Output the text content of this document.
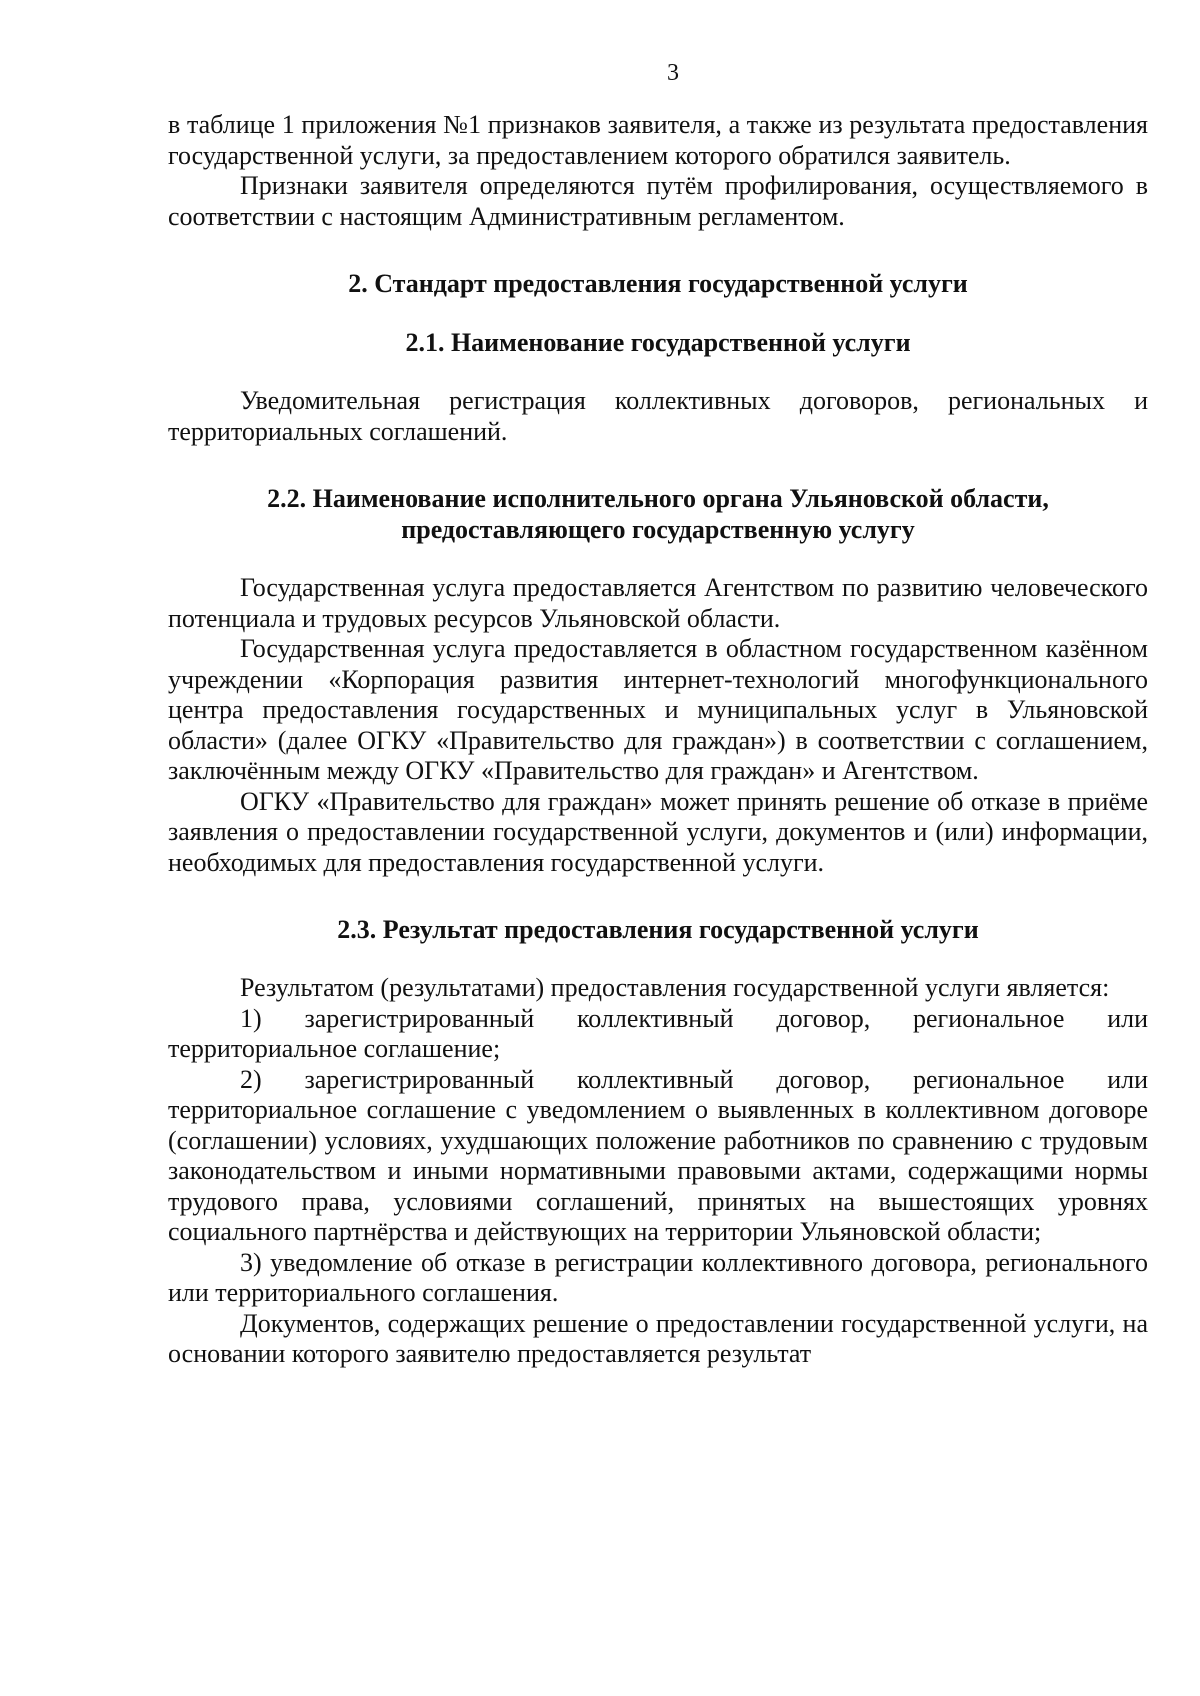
3

в таблице 1 приложения №1 признаков заявителя, а также из результата предоставления государственной услуги, за предоставлением которого обратился заявитель.

Признаки заявителя определяются путём профилирования, осуществляемого в соответствии с настоящим Административным регламентом.

2. Стандарт предоставления государственной услуги
2.1. Наименование государственной услуги

Уведомительная регистрация коллективных договоров, региональных и территориальных соглашений.

2.2. Наименование исполнительного органа Ульяновской области,
предоставляющего государственную услугу

Государственная услуга предоставляется Агентством по развитию человеческого потенциала и трудовых ресурсов Ульяновской области.

Государственная услуга предоставляется в областном государственном казённом учреждении «Корпорация развития интернет-технологий многофункционального центра предоставления государственных и муниципальных услуг в Ульяновской области» (далее ОГКУ «Правительство для граждан») в соответствии с соглашением, заключённым между ОГКУ «Правительство для граждан» и Агентством.

ОГКУ «Правительство для граждан» может принять решение об отказе в приёме заявления о предоставлении государственной услуги, документов и (или) информации, необходимых для предоставления государственной услуги.

2.3. Результат предоставления государственной услуги

Результатом (результатами) предоставления государственной услуги является:

1) зарегистрированный коллективный договор, региональное или территориальное соглашение;

2) зарегистрированный коллективный договор, региональное или территориальное соглашение с уведомлением о выявленных в коллективном договоре (соглашении) условиях, ухудшающих положение работников по сравнению с трудовым законодательством и иными нормативными правовыми актами, содержащими нормы трудового права, условиями соглашений, принятых на вышестоящих уровнях социального партнёрства и действующих на территории Ульяновской области;

3) уведомление об отказе в регистрации коллективного договора, регионального или территориального соглашения.

Документов, содержащих решение о предоставлении государственной услуги, на основании которого заявителю предоставляется результат
